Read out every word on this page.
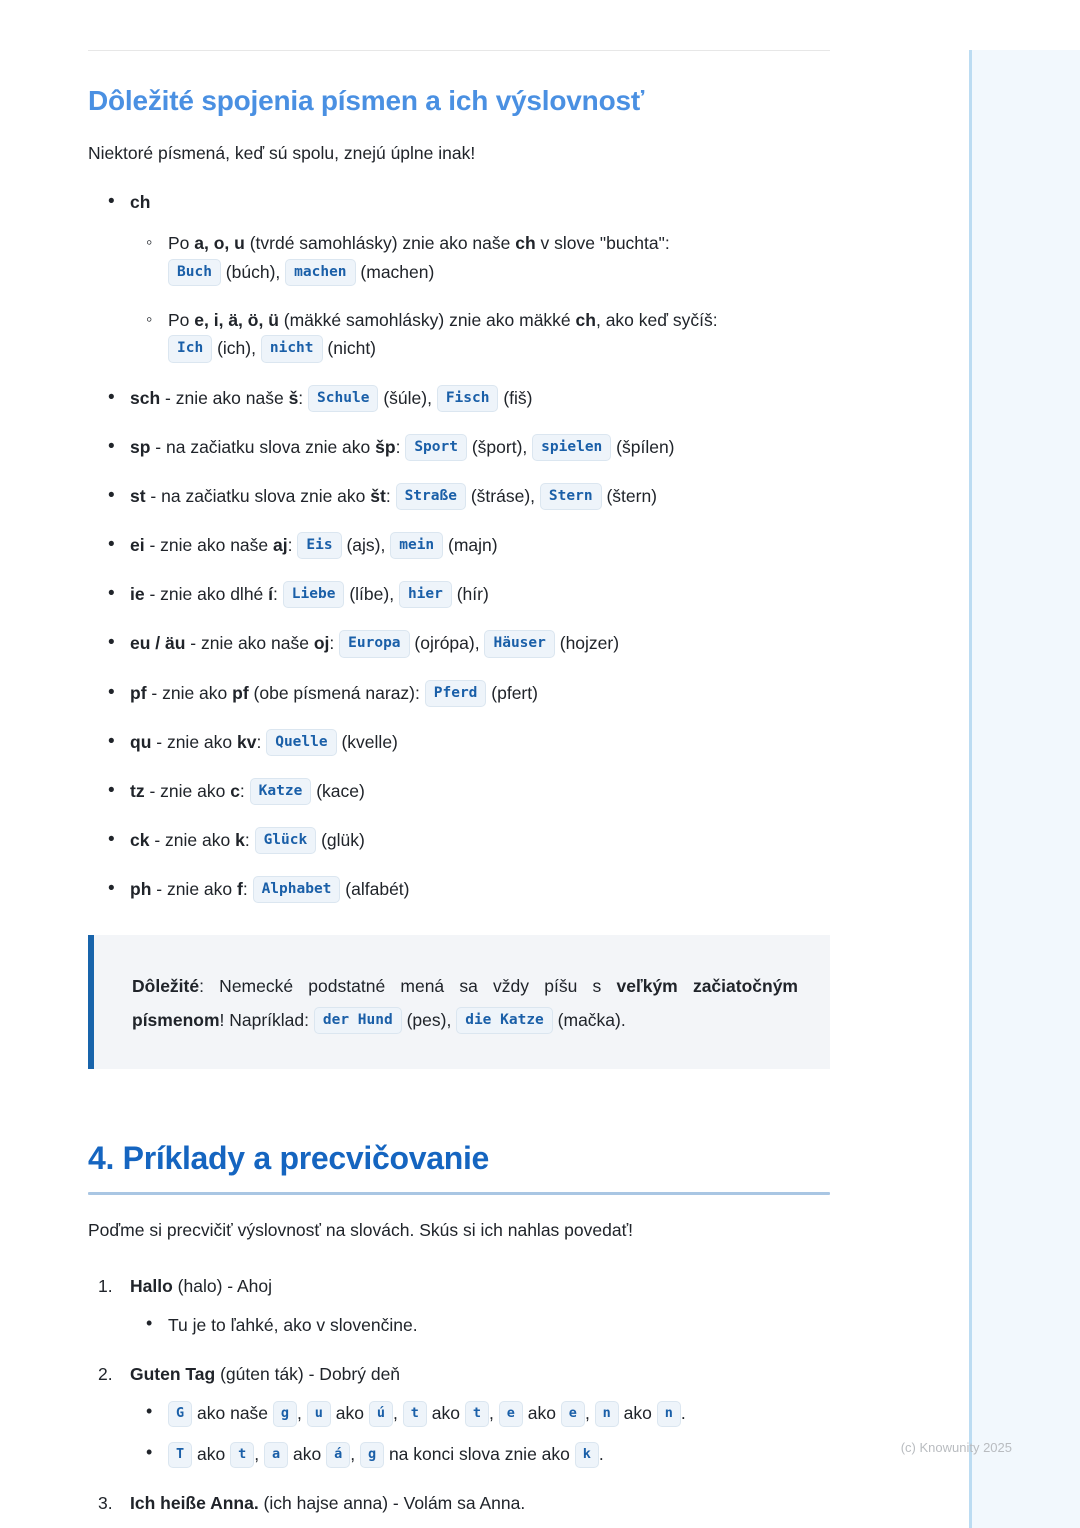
Dôležité spojenia písmen a ich výslovnosť

Niektoré písmená, keď sú spolu, znejú úplne inak!

• ch
◦ Po a, o, u (tvrdé samohlásky) znie ako naše ch v slove "buchta":
Buch (búch), machen (machen)
◦ Po e, i, ä, ö, ü (mäkké samohlásky) znie ako mäkké ch, ako keď syčíš:
Ich (ich), nicht (nicht)
• sch - znie ako naše š: Schule (šúle), Fisch (fiš)
• sp - na začiatku slova znie ako šp: Sport (šport), spielen (špílen)
• st - na začiatku slova znie ako št: Straße (štráse), Stern (štern)
• ei - znie ako naše aj: Eis (ajs), mein (majn)
• ie - znie ako dlhé í: Liebe (líbe), hier (hír)
• eu / äu - znie ako naše oj: Europa (ojrópa), Häuser (hojzer)
• pf - znie ako pf (obe písmená naraz): Pferd (pfert)
• qu - znie ako kv: Quelle (kvelle)
• tz - znie ako c: Katze (kace)
• ck - znie ako k: Glück (glük)
• ph - znie ako f: Alphabet (alfabét)

Dôležité: Nemecké podstatné mená sa vždy píšu s veľkým začiatočným písmenom! Napríklad: der Hund (pes), die Katze (mačka).

4. Príklady a precvičovanie

Poďme si precvičiť výslovnosť na slovách. Skús si ich nahlas povedať!

Hallo (halo) - Ahoj
• Tu je to ľahké, ako v slovenčine.
Guten Tag (gúten ták) - Dobrý deň
• G ako naše g , u ako ú , t ako t , e ako e , n ako n .
• T ako t , a ako á , g na konci slova znie ako k .
Ich heiße Anna. (ich hajse anna) - Volám sa Anna.
(c) Knowunity 2025
